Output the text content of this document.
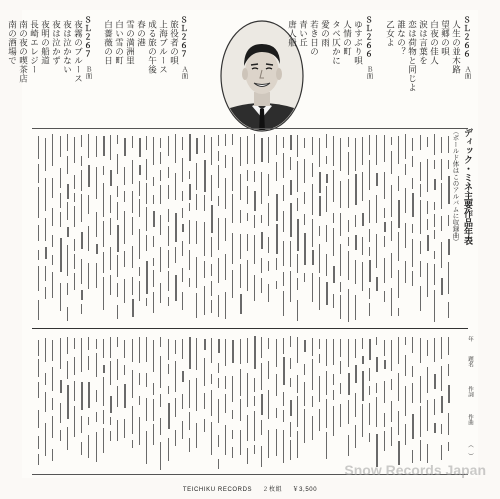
ＳＬ２６６
Ａ面
人生の並木路
望郷の唄
白夜の佳人
涙は言葉を
恋は荷物と同じよ
誰なの？
乙女よ
ＳＬ２６６
Ｂ面
ゆすぶり唄
人情の町
タベ仄かに
愛の雨
若き日の
青い丘
唐人船
ＳＬ２６７
Ａ面
旅役者の唄
上海ブルース
成る旅の午後
春の港
雪の満洲里
白い雪の町
白薔薇の日
ＳＬ２６７
Ｂ面
夜霧のブルース
夜は泣かない
夜は泣かず
夜明の船道
長崎エレジー
南の夜の喫茶店
南の酒場で
ディック・ミネ主要作品年表
（ボールド体はこのアルバムに収録曲）
年
題名
作詞
作曲
（　）
TEICHIKU RECORDS ２枚組 ￥3,500
Snow Records Japan
